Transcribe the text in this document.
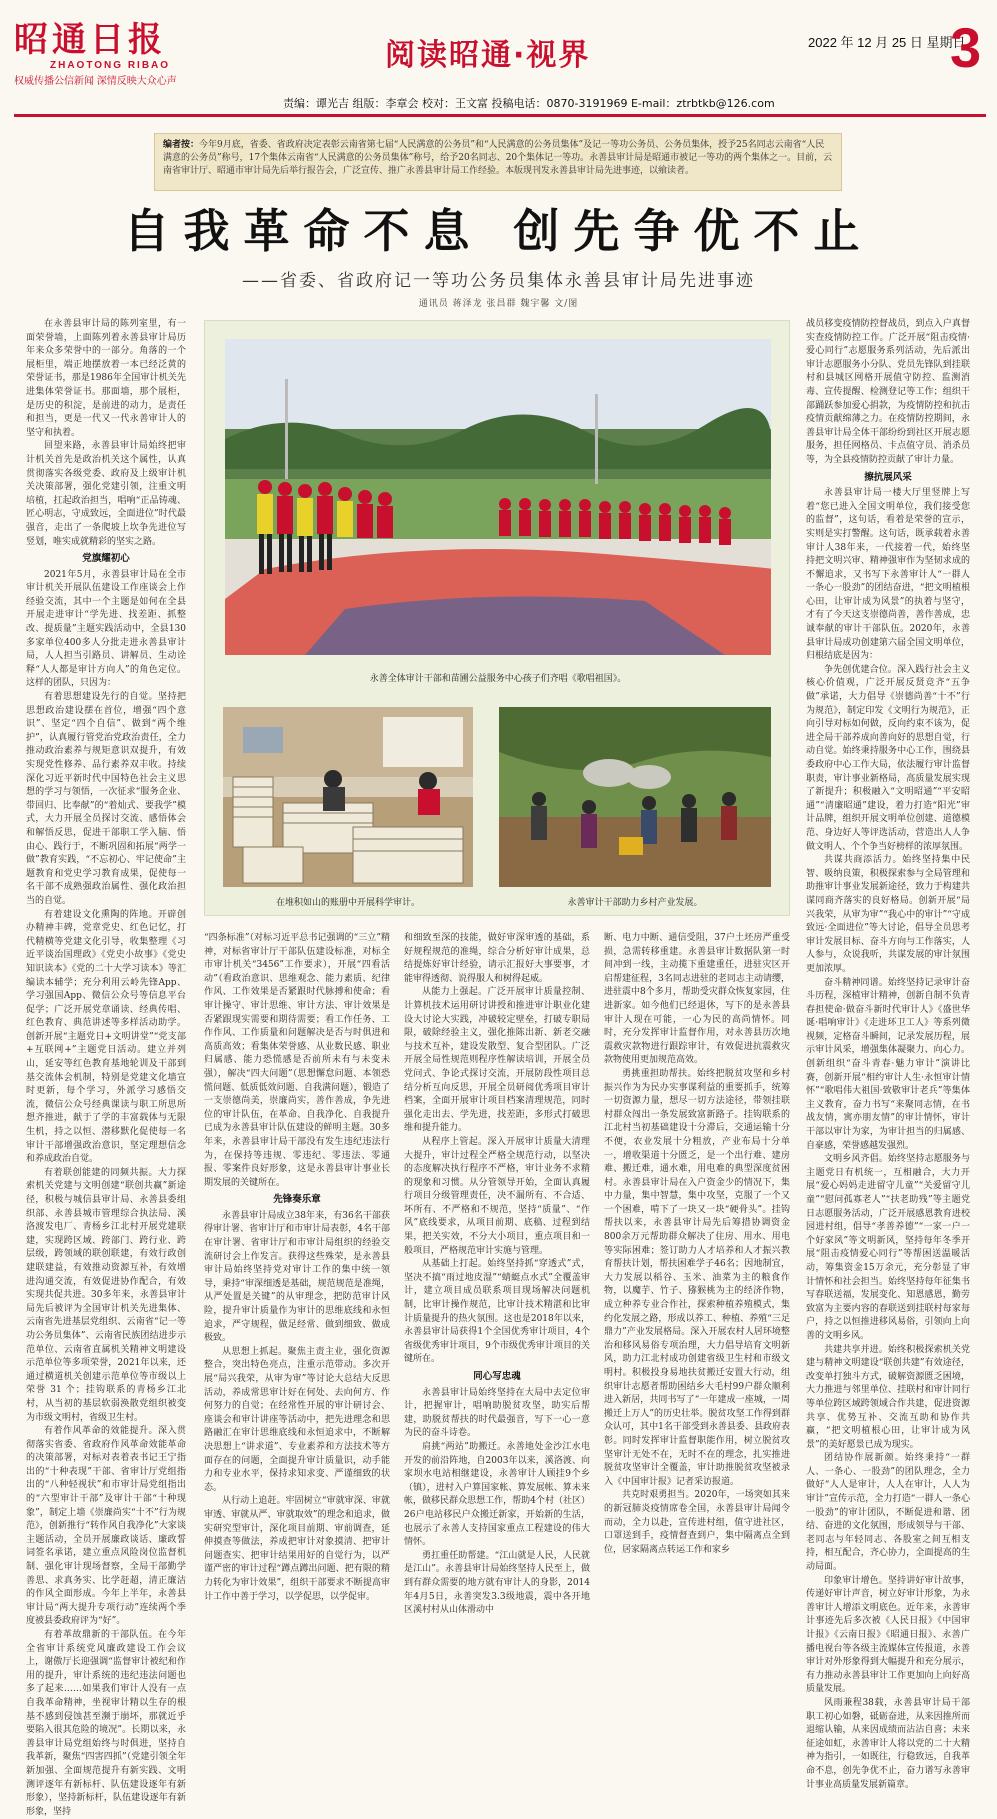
昭通日报
ZHAOTONG RIBAO
权威传播公信新闻 深情反映大众心声
阅读昭通·视界	2022 年 12 月 25 日 星期日
3
责编：谭光吉 组版：李章会 校对：王文富 投稿电话：0870-3191969 E-mail：ztrbtkb@126.com
编者按：今年9月底，省委、省政府决定表彰云南省第七届“人民满意的公务员”和“人民满意的公务员集体”及记一等功公务员、公务员集体，授予25名同志云南省“人民满意的公务员”称号，17个集体云南省“人民满意的公务员集体”称号，给予20名同志、20个集体记一等功。永善县审计局是昭通市被记一等功的两个集体之一。目前，云南省审计厅、昭通市审计局先后举行报告会，广泛宣传、推广永善县审计局工作经验。本版现刊发永善县审计局先进事迹，以飨读者。
自我革命不息 创先争优不止
——省委、省政府记一等功公务员集体永善县审计局先进事迹
通讯员 蒋泽龙 张昌群 魏宇馨 文/图

在永善县审计局的陈列室里，有一面荣誉墙，上面陈列着永善县审计局历年来众多荣誉中的一部分。角落的一个展柜里，端正地摆放着一本已经泛黄的荣誉证书，那是1986年全国审计机关先进集体荣誉证书。那面墙，那个展柜，是历史的积淀，是前进的动力，是责任和担当，更是一代又一代永善审计人的坚守和执着。

回望来路，永善县审计局始终把审计机关首先是政治机关这个属性，认真贯彻落实各级党委、政府及上级审计机关决策部署，强化党建引领，注重文明培植，扛起政治担当，唱响“正品铸魂、匠心明志，守成致远，全面进位”时代最强音，走出了一条爬坡上坎争先进位写竖划，唯实成就精彩的坚实之路。

党旗耀初心

2021年5月，永善县审计局在全市审计机关开展队伍建设工作座谈会上作经验交流，其中一个主题是如何在全县开展走进审计“学先进、找差距、抓整改、提质量”主题实践活动中，全县130多家单位400多人分批走进永善县审计局，人人担当引路员、讲解员、生动诠释“人人都是审计方向人”的角色定位。这样的团队，只因为：

有着思想建设先行的自觉。坚持把思想政治建设摆在首位，增强“四个意识”、坚定“四个自信”、做到“两个维护”，认真履行管党治党政治责任，全力推动政治素养与规矩意识双提升，有效实现党性修养、品行素养双丰收。持续深化习近平新时代中国特色社会主义思想的学习与领悟，一次征求“服务企业、带回归、比奉献”的“着灿式、要我学”模式，大力开展全员探讨交流、感悟体会和解悟反思，促进干部职工学入脑、悟由心、践行于，不断巩固和拓展“两学一做”教育实践，“不忘初心、牢记使命”主题教育和党史学习教育成果，促使每一名干部不成熟强政治属性、强化政治担当的自觉。

有着建设文化熏陶的阵地。开辟创办精神丰碑，党章党史、红色记忆，打代精横等党建文化引导，收集整理《习近平谈治国理政》《党史小故事》《党史知识读本》《党的二十大学习读本》等汇编读本辅学；充分利用云岭先锋App、学习强国App、微信公众号等信息平台促学；广泛开展党章诵读、经典传唱、红色教育、典范讲述等多样活动助学。创新开展“主题党日+文明讲堂”“党支部+互联网+”主题党日活动。建立并列山，延安等红色教育基地轮训及干部到基交流体会机制，特别是党建文化墙宣时更新，每个学习，外派学习感悟交流，微信公众号经典课读与职工所思所想齐推进，献于了学的丰富载体与无限生机，持之以恒、潜移默化促使每一名审计干部增强政治意识，坚定理想信念和养成政治自觉。

有着联创能建的同频共振。大力探索机关党建与文明创建“联创共赢”新途径，积极与城信县审计局、永善县委组织部、永善县城市管理综合执法局、溪洛渡发电厂、青杨乡江北村开展党建联建，实现跨区域、跨部门、跨行业、跨层级，跨领域的联创联建，有效行政创建联建益，有效推动资源互补，有效增进沟通交流，有效促进协作配合，有效实现共促共进。30多年来，永善县审计局先后被评为全国审计机关先进集体、云南省先进基层党组织、云南省“记一等功公务员集体”、云南省民族团结进步示范单位、云南省直属机关精神文明建设示范单位等多项荣誉，2021年以来，还通过横道机关创建示范单位等市级以上荣誉 31 个；挂钩联系的青杨乡江北村，从当初的基层软弱涣散党组织被变为市级文明村，省级卫生村。

有着作风革命的效能提升。深入贯彻落实省委、省政府作风革命效能革命的决策部署，对标对表着表书记王宁指出的“十种表现”干部、省审计厅党组指出的“八种轻视状”和市审计局党组指出的“六型审计干部”及审计干部“十种现象”，制定上墙《崇廉尚实“十不”行为规范》，创新推行“转作风自我净化”大家谈主题活动，全员开展廉政谈话、廉政誓词签名承诺，建立重点风险岗位监督机制、强化审计现场督察，全局干部勤学善思、求真务实、比学赶超，清正廉洁的作风全面形成。今年上半年，永善县审计局“两大提升专项行动”连续两个季度被县委政府评为“好”。

有着革故鼎新的干部队伍。在今年全省审计系统党风廉政建设工作会议上，谢傲厅长迎强调“监督审计被纪和作用的提升，审计系统的违纪违法问题也多了起来……如果我们审计人没有一点自我革命精神，坐视审计精以生存的根基不感到侵蚀甚至濒于崩坏，那就近乎要陷入很其危险的境况”。长期以来，永善县审计局党组始终与时俱进，坚持自我革新，聚焦“四害四抓”（党建引领全年新加强、全面规范提升有新实践、文明测评逐年有新标杆、队伍建设逐年有新形象），坚持新标杆，队伍建设逐年有新形象，坚持

永善全体审计干部和苗圃公益服务中心孩子们齐唱《歌唱祖国》。
在堆积如山的账册中开展科学审计。	永善审计干部助力乡村产业发展。

“四条标准”（对标习近平总书记强调的“三立”精神，对标省审计厅干部队伍建设标准，对标全市审计机关“3456”工作要求），开展“四看活动”（看政治意识、思维观念、能力素质、纪律作风、工作效果是否紧跟时代脉搏和使命；看审计操守、审计思维、审计方法、审计效果是否紧跟现实需要和期待需要；看工作任务、工作作风、工作质量和问题解决是否与时俱进和高质高效；看集体荣誉感、从业数民感、职业归属感、能力恐慌感是否前所未有与未变未强），解决“四大问题”（思想懈怠问题、本领恐慌问题、低质低效问题、自我满问题），锻造了一支崇德尚美，崇廉尚实，善作善成，争先进位的审计队伍，在革命、自我净化、自我提升已成为永善县审计队伍建设的鲜明主题。30多年来，永善县审计局干部没有发生违纪违法行为，在保持等违规、零违纪、零违法、零通报、零案件良好形象，这是永善县审计事业长期发展的关键所在。

先锋奏乐章

永善县审计局成立38年来，有36名干部获得审计署、省审计厅和市审计局表彰，4名干部在审计署、省审计厅和市审计局组织的经验交流研讨会上作发言。获得这些殊荣，是永善县审计局始终坚持党对审计工作的集中统一领导，秉持“审深细透是基础，规范规范是准绳，从严处置是关键”的从审理念，把防范审计风险，提升审计质量作为审计的思维底线和永恒追求，严守规程，做足经常、做到细致、做成极致。

从思想上抓起。聚焦主责主业，强化资源整合，突出特色亮点，注重示范带动。多次开展“局兴我荣，从审为审”等讨论大总结大反思活动，养成常思审计好在何处、去向何方、作何努力的自觉；在经常性开展的审计研讨会、座谈会和审计讲座等活动中，把先进理念和思路融汇在审计思维底线和永恒追求中，不断解决思想上“讲求道”、专业素养和方法技术等方面存在的问题，全面提升审计质量识，动手能力和专业水平，保持求知求变、严谨细致的状态。

从行动上追赶。牢固树立“审就审深、审就审透、审就从严、审就取效”的理念和追求，做实研究型审计，深化项目前期、审前调查，延伸摸查等做法，养成把审计对象摸清、把审计问题查实、把审计结果用好的自觉行为，以严谨严密的审计过程“蹲点蹲出问题、把有限的精力转化为审计效果”，组织干部要求不断提高审计工作中善于学习，以学促思，以学促审。

和细致至深的技能，做好审深审透的基础，系好规程规范的准绳，综合分析好审计成果，总结提炼好审计经验，请示汇报好大事要事，才能审得透彻、说得服人和树得起威。

从能力上强起。广泛开展审计质量控制、计算机技术运用研讨讲授和推进审计职业化建设大讨论大实践，冲破较定壁垒，打破专职局限，破除经验主义，强化推陈出新、新老交融与技术互补，建设发散型、复合型团队。广泛开展全局性规范则程序性解读培训，开展全员党问式、争论式探讨交流，开展防段性项目总结分析互向反思，开展全员研阅优秀项目审计档案，全面开展审计项目档案清理规范，同时强化走出去、学先进，找差距，多形式打破思维和提升能力。

从程序上管起。深入开展审计质量大清理大提升，审计过程全严格全规范行动，以坚决的态度解决执行程序不严格，审计业务不求精的现象和习惯。从分管领导开始，全面认真履行项目分级管理责任，决不漏所有、不合适、坏所有、不严格和不规范，坚持“质量”、“作风”底线要求，从项目前期、底稿、过程到结果，把关实效，不分大小项目，重点项目和一般项目，严格规范审计实施与管理。

从基础上打起。始终坚持抓“穿透式”式，坚决不搞“雨过地皮湿”“蜻蜓点水式”全覆盖审计，建立项目成员联系项目现场解决问题机制，比审计操作规范，比审计技术精湛和比审计质量提升的热火氛围。这也是2018年以来，永善县审计局获得1个全国优秀审计项目，4个省级优秀审计项目，9个市级优秀审计项目的关键所在。

同心写忠魂

永善县审计局始终坚持在大局中去定位审计，把握审计，唱响助脱贫攻坚，助实后帮建，助脱贫帮扶的时代最强音，写下一心一意为民的奋斗诗卷。

肩挑“两站”助搬迁。永善地处金沙江水电开发的前沿阵地，自2003年以来，溪洛渡、向家坝水电站相继建设，永善审计人顾挂9个乡（镇），进村入户算国家帐、算发展帐、算未来帐，做移民群众思想工作，帮助4个村（社区）26户电站移民户众搬迁新家，开始新的生活，也展示了永善人支持国家重点工程建设的伟大情怀。

勇扛重任助帮建。“江山就是人民，人民就是江山”。永善县审计局始终坚持人民至上，做到有群众需要的地方就有审计人的身影，2014年4月5日，永善突发3.3级地震，震中各开地区溪村村从山体滑动中

断、电力中断、通信受阻，37户土坯房严重受损，急需转移重建。永善县审计数据队第一时间冲到一线，主动揽下重建重任，进驻灾区开启帮建征程，3名同志进驻的老同志主动请缨，进驻震中8个多月，帮助受灾群众恢复家园，住进新家。如今他们已经退休，写下的是永善县审计人现在可能，一心为民的高尚情怀。同时，充分发挥审计监督作用，对永善县历次地震救灾款物进行跟踪审计，有效促进抗震救灾款物使用更加规范高效。

勇挑重担助帮扶。始终把脱贫攻坚和乡村振兴作为为民办实事谋利益的重要抓手，统筹一切资源力量，想尽一切方法途径，带领挂联村群众闯出一条发展致富新路子。挂钩联系的江北村当初基础建设十分滞后，交通运输十分不便，农业发展十分粗放，产业布局十分单一，增收渠道十分匮乏，是一个出行难、建房难、搬迁难，通水难，用电难的典型深度贫困村。永善县审计局在入户资金少的情况下，集中力量，集中智慧，集中攻坚，克服了一个又一个困难，啃下了一块又一块“硬骨头”。挂钩帮扶以来，永善县审计局先后筹措协调资金800余万元帮助群众解决了住房、用水、用电等实际困难；签订助力人才培养和人才振兴教育帮扶计划，帮扶困难学子46名；因地制宜，大力发展以稻谷、玉米、油菜为主的粮食作物，以魔芋、竹子、猕猴桃为主的经济作物，成立种养专业合作社，探索种植养殖模式，集约化发展之路，形成以养工、种植、养殖“三足鼎力”产业发展格局。深入开展农村人居环境整治和移风易俗专项治理，大力倡导培育文明新风，助力江北村成功创建省级卫生村和市级文明村。积极投身易地扶贫搬迁安置大行动，组织审计志愿者帮助困结乡大毛村99户群众顺利进入新居，共同书写了“一年建成一座城，一周搬迁上万人”的历史壮举。脱贫攻坚工作得到群众认可，其中1名干部受到永善县委、县政府表彰。同时发挥审计监督职能作用，树立脱贫攻坚审计无处不在，无时不在的理念，扎实推进脱贫攻坚审计全覆盖，审计助推脱贫攻坚被录入《中国审计报》记者采访报道。

共克时艰勇担当。2020年，一场突如其来的新冠肺炎疫情席卷全国，永善县审计局闻令而动，全力以赴，宣传进村组，值守进社区，口罩送到手，疫情督查到户，集中隔离点全到位，居家隔离点转运工作和家乡

战员移变疫情防控督战员，到点入户真督实查疫情防控工作。广泛开展“阻击疫情·爱心同行”志愿服务系列活动，先后派出审计志愿服务小分队、党员先锋队到挂联村和县城区网格开展值守防控、监测消毒、宣传提醒、检测登记等工作；组织干部踊跃参加爱心捐款，为疫情防控和抗击疫情贡献绵薄之力。在疫情防控期间，永善县审计局全体干部纷纷到社区开展志愿服务，担任网格员、卡点值守员、消杀员等，为全县疫情防控贡献了审计力量。

擦抗展风采

永善县审计局一楼大厅里竖牌上写着“您已进入全国文明单位，我们接受您的监督”，这句话，看着是荣誉的宣示，实则是实打警醒。这句话，既承载着永善审计人38年来，一代接着一代，始终坚持把文明兴审、精神强审作为坚韧求成的不懈追求，又书写下永善审计人“一群人一条心一股劲”的团结奋进，“把文明植根心田，让审计成为风景”的执着与坚守，才有了今天这支崇德尚善，善作善成，忠诚奉献的审计干部队伍。2020年，永善县审计局成功创建第六届全国文明单位，归根结底是因为：

争先创优建合位。深入践行社会主义核心价值观，广泛开展反贤竞齐“五争做”承诺，大力倡导《崇德尚善“十不”行为规范》，制定印发《文明行为规范》，正向引导对标如何做，反向约束不该为，促进全局干部养成向善向好的思想自觉，行动自觉。始终秉持服务中心工作，围绕县委政府中心工作大局，依法履行审计监督职责，审计事业新格局，高质量发展实现了新提升；积极融入“文明昭通”“平安昭通”“清廉昭通”建设，着力打造“阳光”审计品牌，组织开展文明单位创建、道德模范、身边好人等评选活动，营造出人人争做文明人、个个争当好榜样的浓厚氛围。

共谋共商添活力。始终坚持集中民智、吸纳良策，积极探索参与全局管理和助推审计事业发展新途径，致力于构建共谋同商齐落实的良好格局。创新开展“局兴我荣，从审为审”“我心中的审计”“守成致远·全面进位”等大讨论，倡导全员思考审计发展目标、奋斗方向与工作落实，人人参与，众说我听，共谋发展的审计氛围更加浓厚。

奋斗精神同谱。始终坚持记录审计奋斗历程，深植审计精神，创新自制不负青春担使命·做奋斗新时代审计人》《盛世华诞·唱响审计》《走进环卫工人》等系列微视频，定格奋斗瞬间，记录发展历程，展示审计风采，增强集体凝聚力、向心力。创新组织“奋斗青春·魅力审计”演讲比赛，创新开展“相约审计人生·永恒审计情怀”“歌唱伟大祖国·致敬审计老兵”等集体主义教育，奋力书写“来聚同志情，在书战友情，寓亦朋友情”的审计情怀，审计干部以审计为家，为审计担当的归属感、自豪感，荣誉感越发强烈。

文明乡风齐倡。始终坚持志愿服务与主题党日有机统一，互相融合，大力开展“爱心妈妈走进留守儿童”“关爱留守儿童”“慰问孤寡老人”“扶老助残”等主题党日志愿服务活动，广泛开展感恩教育进校园进村组，倡导“孝善养德”“一家一户一个好家风”等文明新风，坚持每年冬季开展“阻击疫情爱心同行”等帮困送温暖活动，筹集资金15万余元，充分彰显了审计情怀和社会担当。始终坚持每年征集书写春联送福，发展变化、知恩感恩，勤劳致富为主要内容的春联送到挂联村每家每户，持之以恒推进移风易俗，引领向上向善的文明乡风。

共建共享并进。始终积极探索机关党建与精神文明建设“联创共建”有效途径，改变单打独斗方式，破解资源匮乏困境，大力推进与邻里单位、挂联村和审计同行等单位跨区域跨领域合作共建，促进资源共享、优势互补、交流互助和协作共赢，“把文明植根心田，让审计成为风景”的美好愿景已成为现实。

团结协作展新颜。始终秉持“一群人、一条心、一股劲”的团队理念，全力做好“人人是审计，人人在审计，人人为审计”宣传示范，全力打造“一群人一条心一股劲”的审计团队，不断促进和谐、团结、奋进的文化氛围，形成领导与干部、老同志与年轻同志、各股室之间互相支持，相互配合，齐心协力，全面提高的生动局面。

印象审计增色。坚持讲好审计故事，传递好审计声音，树立好审计形象，为永善审计人增添文明底色。近年来，永善审计事迹先后多次被《人民日报》《中国审计报》《云南日报》《昭通日报》、永善广播电视台等各级主流媒体宣传报道，永善审计对外形象得到大幅提升和充分展示，有力推动永善县审计工作更加向上向好高质量发展。

风雨兼程38载，永善县审计局干部职工初心如磐，砥砺奋进，从来因推所而退缩认输，从来因成绩而沾沾自喜；未来征途如虹，永善审计人将以党的二十大精神为指引，一如既往，行稳致远，自我革命不息，创先争优不止，奋力谱写永善审计事业高质量发展新篇章。
